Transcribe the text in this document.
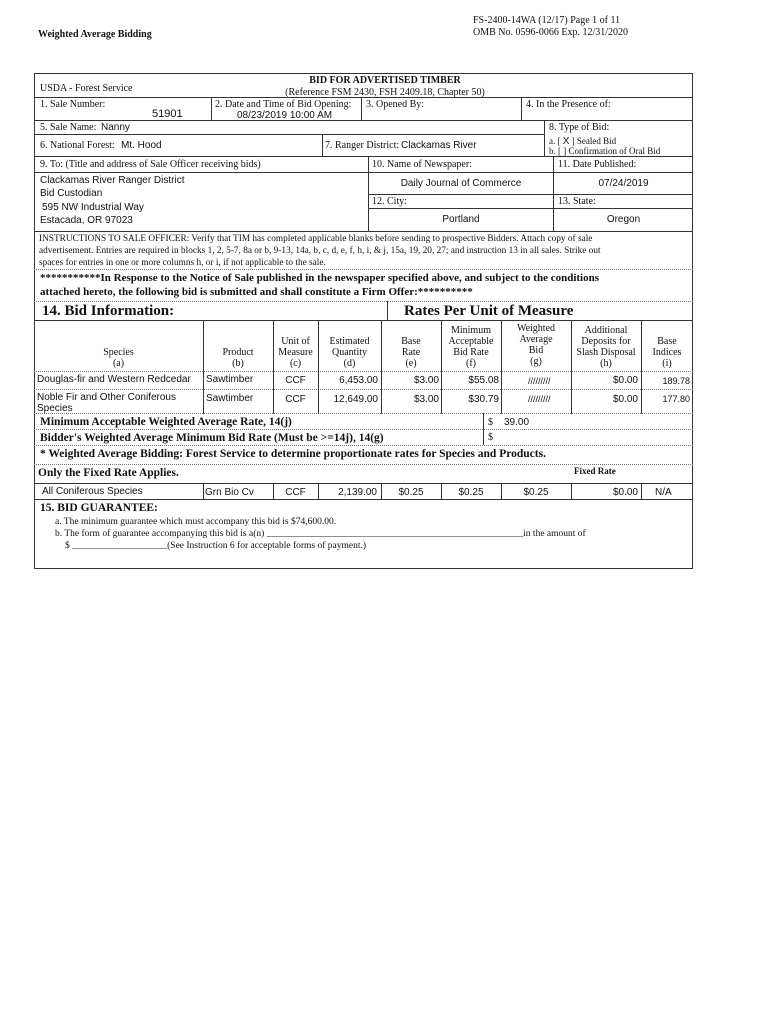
FS-2400-14WA (12/17) Page 1 of 11
OMB No. 0596-0066 Exp. 12/31/2020
Weighted Average Bidding
BID FOR ADVERTISED TIMBER
(Reference FSM 2430, FSH 2409.18, Chapter 50)
USDA - Forest Service
1. Sale Number:
51901
2. Date and Time of Bid Opening:
08/23/2019 10:00 AM
3. Opened By:	4. In the Presence of:
5. Sale Name: Nanny	8. Type of Bid:
a. [ X ] Sealed Bid
b. [ ] Confirmation of Oral Bid
6. National Forest: Mt. Hood	7. Ranger District: Clackamas River
9. To: (Title and address of Sale Officer receiving bids)
Clackamas River Ranger District
Bid Custodian
595 NW Industrial Way
Estacada, OR 97023
10. Name of Newspaper:
Daily Journal of Commerce
11. Date Published:
07/24/2019
12. City:
Portland
13. State:
Oregon
INSTRUCTIONS TO SALE OFFICER: Verify that TIM has completed applicable blanks before sending to prospective Bidders. Attach copy of sale
advertisement. Entries are required in blocks 1, 2, 5-7, 8a or b, 9-13, 14a, b, c, d, e, f, h, i, & j, 15a, 19, 20, 27; and instruction 13 in all sales. Strike out
spaces for entries in one or more columns h, or i, if not applicable to the sale.
***********In Response to the Notice of Sale published in the newspaper specified above, and subject to the conditions
attached hereto, the following bid is submitted and shall constitute a Firm Offer:**********
14. Bid Information:	Rates Per Unit of Measure

Species
(a)

Product
(b)

Unit of
Measure
(c)

Estimated
Quantity
(d)

Base
Rate
(e)
Minimum
Acceptable
Bid Rate
(f)
Weighted
Average
Bid
(g)
Additional
Deposits for
Slash Disposal
(h)

Base
Indices
(i)
Douglas-fir and Western Redcedar Sawtimber	CCF	6,453.00	$3.00	$55.08	/////////	$0.00	189.78
Noble Fir and Other Coniferous
Species
Sawtimber	CCF	12,649.00	$3.00	$30.79	/////////	$0.00	177.80
Minimum Acceptable Weighted Average Rate, 14(j)	$ 39.00
Bidder's Weighted Average Minimum Bid Rate (Must be >=14j), 14(g)	$
* Weighted Average Bidding: Forest Service to determine proportionate rates for Species and Products.
Only the Fixed Rate Applies.	Fixed Rate
All Coniferous Species	Grn Bio Cv	CCF	2,139.00	$0.25	$0.25	$0.25	$0.00 N/A
15. BID GUARANTEE:
a. The minimum guarantee which must accompany this bid is $74,600.00.
b. The form of guarantee accompanying this bid is a(n) ______________________________________________________in the amount of
$ ____________________(See Instruction 6 for acceptable forms of payment.)
